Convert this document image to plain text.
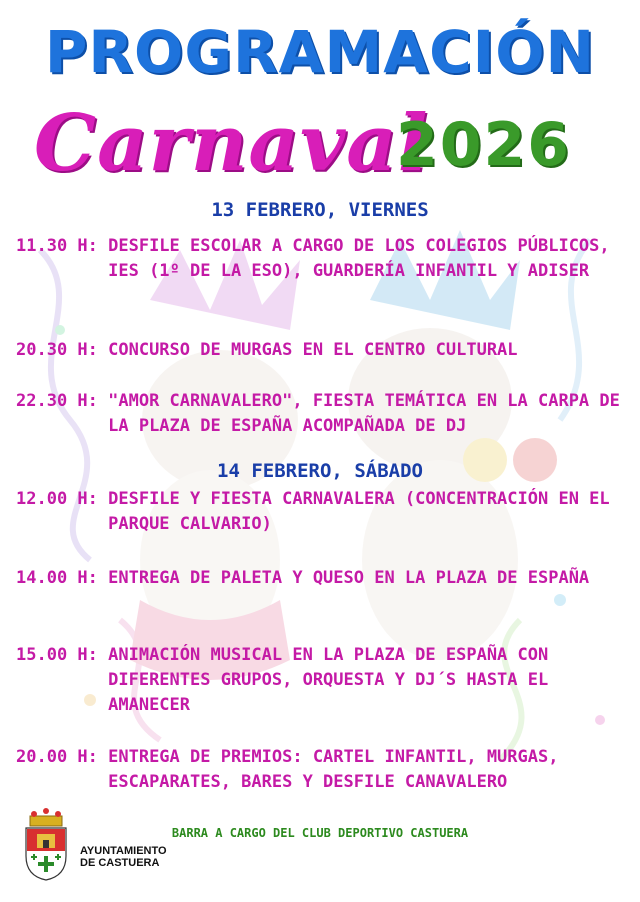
PROGRAMACIÓN
Carnaval
2026
13 FEBRERO, VIERNES
11.30 H: DESFILE ESCOLAR A CARGO DE LOS COLEGIOS PÚBLICOS, IES (1º DE LA ESO), GUARDERÍA INFANTIL Y ADISER
20.30 H: CONCURSO DE MURGAS EN EL CENTRO CULTURAL
22.30 H: "AMOR CARNAVALERO", FIESTA TEMÁTICA EN LA CARPA DE LA PLAZA DE ESPAÑA ACOMPAÑADA DE DJ
14 FEBRERO, SÁBADO
12.00 H: DESFILE Y FIESTA CARNAVALERA (CONCENTRACIÓN EN EL PARQUE CALVARIO)
14.00 H: ENTREGA DE PALETA Y QUESO EN LA PLAZA DE ESPAÑA
15.00 H: ANIMACIÓN MUSICAL EN LA PLAZA DE ESPAÑA CON DIFERENTES GRUPOS, ORQUESTA Y DJ´S HASTA EL AMANECER
20.00 H: ENTREGA DE PREMIOS: CARTEL INFANTIL, MURGAS, ESCAPARATES, BARES Y DESFILE CANAVALERO
BARRA A CARGO DEL CLUB DEPORTIVO CASTUERA
AYUNTAMIENTO
DE CASTUERA
